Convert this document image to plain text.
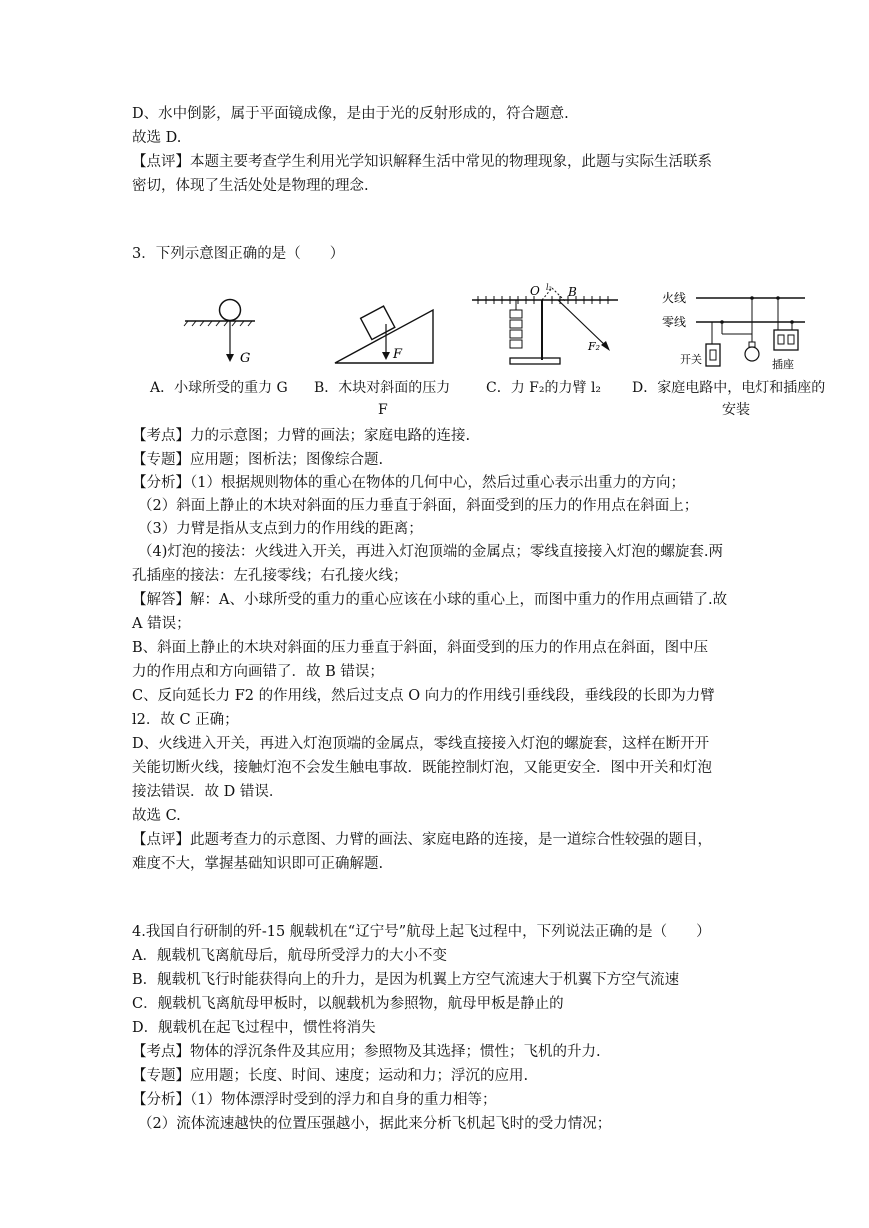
D、水中倒影，属于平面镜成像，是由于光的反射形成的，符合题意.
故选 D.
【点评】本题主要考查学生利用光学知识解释生活中常见的物理现象，此题与实际生活联系
密切，体现了生活处处是物理的理念.
3．下列示意图正确的是（　　）
G	F
O B
l₂
F₂
火线
零线
开关	插座
A．小球所受的重力 G B．木块对斜面的压力
F
C．力 F₂的力臂 l₂ D．家庭电路中，电灯和插座的
安装
【考点】力的示意图；力臂的画法；家庭电路的连接.
【专题】应用题；图析法；图像综合题.
【分析】（1）根据规则物体的重心在物体的几何中心，然后过重心表示出重力的方向；
（2）斜面上静止的木块对斜面的压力垂直于斜面，斜面受到的压力的作用点在斜面上；
（3）力臂是指从支点到力的作用线的距离；
（4)灯泡的接法：火线进入开关，再进入灯泡顶端的金属点；零线直接接入灯泡的螺旋套.两
孔插座的接法：左孔接零线；右孔接火线；
【解答】解：A、小球所受的重力的重心应该在小球的重心上，而图中重力的作用点画错了.故
A 错误；
B、斜面上静止的木块对斜面的压力垂直于斜面，斜面受到的压力的作用点在斜面，图中压
力的作用点和方向画错了．故 B 错误；
C、反向延长力 F2 的作用线，然后过支点 O 向力的作用线引垂线段，垂线段的长即为力臂
l2．故 C 正确；
D、火线进入开关，再进入灯泡顶端的金属点，零线直接接入灯泡的螺旋套，这样在断开开
关能切断火线，接触灯泡不会发生触电事故．既能控制灯泡，又能更安全．图中开关和灯泡
接法错误．故 D 错误．
故选 C.
【点评】此题考查力的示意图、力臂的画法、家庭电路的连接，是一道综合性较强的题目，
难度不大，掌握基础知识即可正确解题.
4.我国自行研制的歼-15 舰载机在“辽宁号”航母上起飞过程中，下列说法正确的是（　　）
A．舰载机飞离航母后，航母所受浮力的大小不变
B．舰载机飞行时能获得向上的升力，是因为机翼上方空气流速大于机翼下方空气流速
C．舰载机飞离航母甲板时，以舰载机为参照物，航母甲板是静止的
D．舰载机在起飞过程中，惯性将消失
【考点】物体的浮沉条件及其应用；参照物及其选择；惯性；飞机的升力.
【专题】应用题；长度、时间、速度；运动和力；浮沉的应用.
【分析】（1）物体漂浮时受到的浮力和自身的重力相等；
（2）流体流速越快的位置压强越小，据此来分析飞机起飞时的受力情况；
